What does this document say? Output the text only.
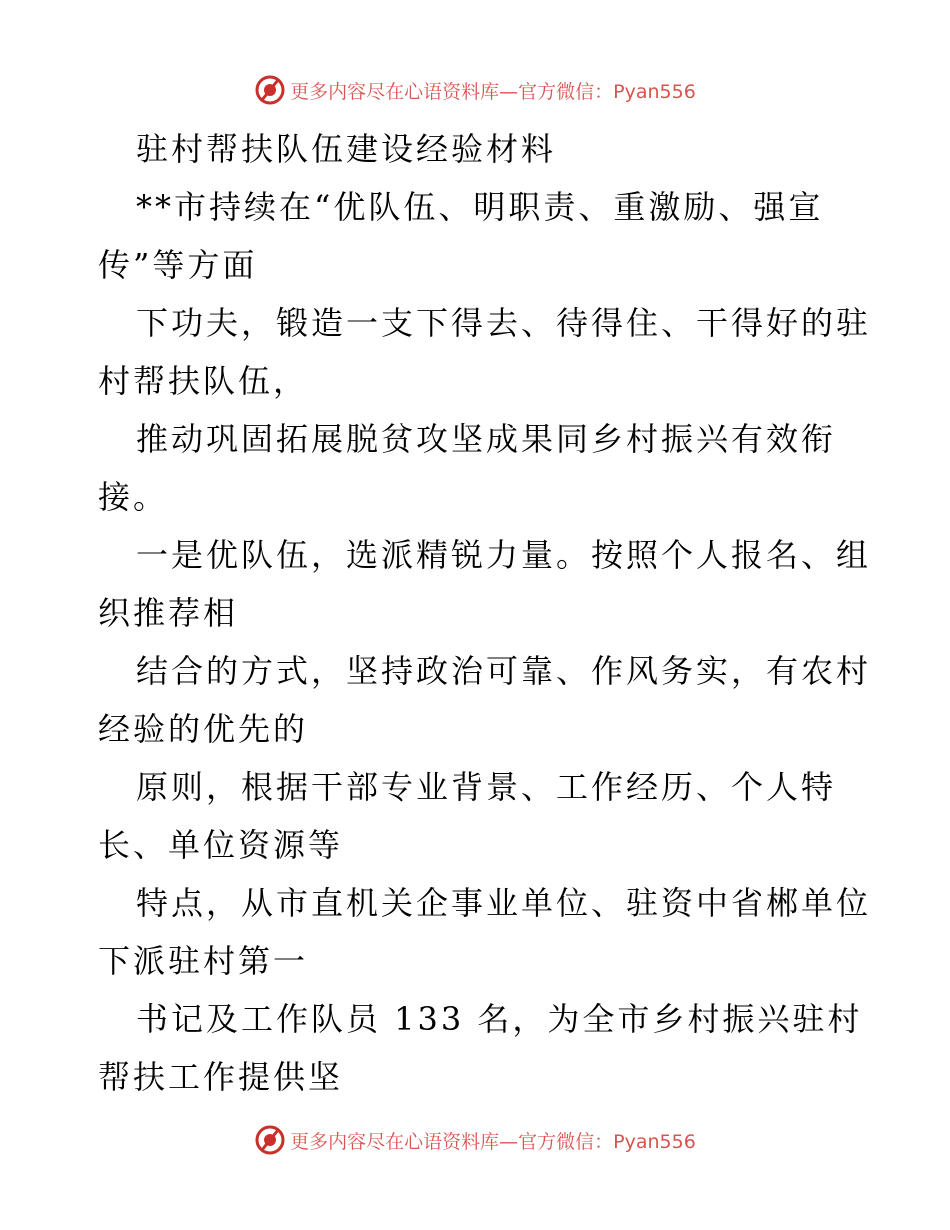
更多内容尽在心语资料库—官方微信：Pyan556
驻村帮扶队伍建设经验材料
**市持续在“优队伍、明职责、重激励、强宣
传”等方面
下功夫，锻造一支下得去、待得住、干得好的驻
村帮扶队伍，
推动巩固拓展脱贫攻坚成果同乡村振兴有效衔
接。
一是优队伍，选派精锐力量。按照个人报名、组
织推荐相
结合的方式，坚持政治可靠、作风务实，有农村
经验的优先的
原则，根据干部专业背景、工作经历、个人特
长、单位资源等
特点，从市直机关企事业单位、驻资中省郴单位
下派驻村第一
书记及工作队员 133 名，为全市乡村振兴驻村
帮扶工作提供坚
更多内容尽在心语资料库—官方微信：Pyan556
